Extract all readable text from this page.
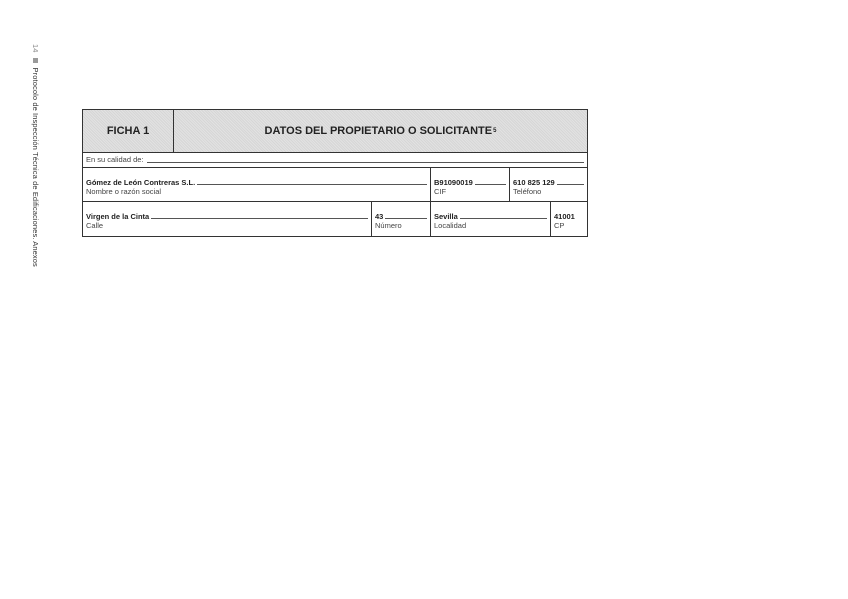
14
Protocolo de Inspección Técnica de Edificaciones. Anexos	FICHA 1	DATOS DEL PROPIETARIO O SOLICITANTE 5
En su calidad de:
Gómez de León Contreras S.L.
Nombre o razón social
B91090019
CIF
610 825 129
Teléfono
Virgen de la Cinta
Calle
43
Número
Sevilla
Localidad
41001
CP
